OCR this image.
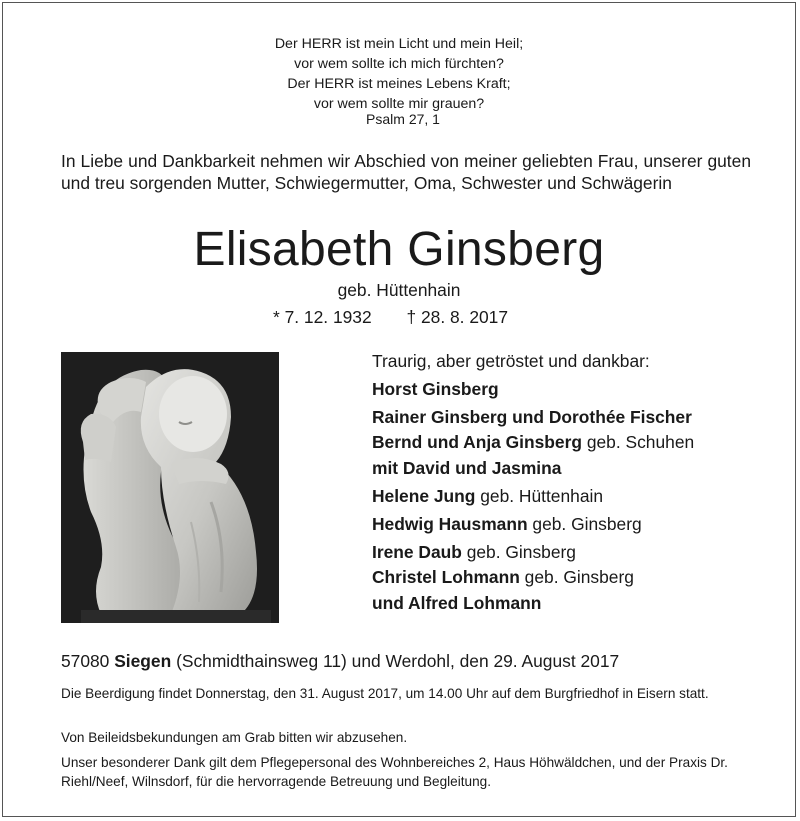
Der HERR ist mein Licht und mein Heil;
vor wem sollte ich mich fürchten?
Der HERR ist meines Lebens Kraft;
vor wem sollte mir grauen?
Psalm 27, 1
In Liebe und Dankbarkeit nehmen wir Abschied von meiner geliebten Frau, unserer guten und treu sorgenden Mutter, Schwiegermutter, Oma, Schwester und Schwägerin
Elisabeth Ginsberg
geb. Hüttenhain
* 7. 12. 1932 † 28. 8. 2017
Traurig, aber getröstet und dankbar:
Horst Ginsberg
Rainer Ginsberg und Dorothée Fischer
Bernd und Anja Ginsberg geb. Schuhen
mit David und Jasmina
Helene Jung geb. Hüttenhain
Hedwig Hausmann geb. Ginsberg
Irene Daub geb. Ginsberg
Christel Lohmann geb. Ginsberg
und Alfred Lohmann
57080 Siegen (Schmidthainsweg 11) und Werdohl, den 29. August 2017
Die Beerdigung findet Donnerstag, den 31. August 2017, um 14.00 Uhr auf dem Burgfriedhof in Eisern statt.
Von Beileidsbekundungen am Grab bitten wir abzusehen.
Unser besonderer Dank gilt dem Pflegepersonal des Wohnbereiches 2, Haus Höhwäldchen, und der Praxis Dr. Riehl/Neef, Wilnsdorf, für die hervorragende Betreuung und Begleitung.
